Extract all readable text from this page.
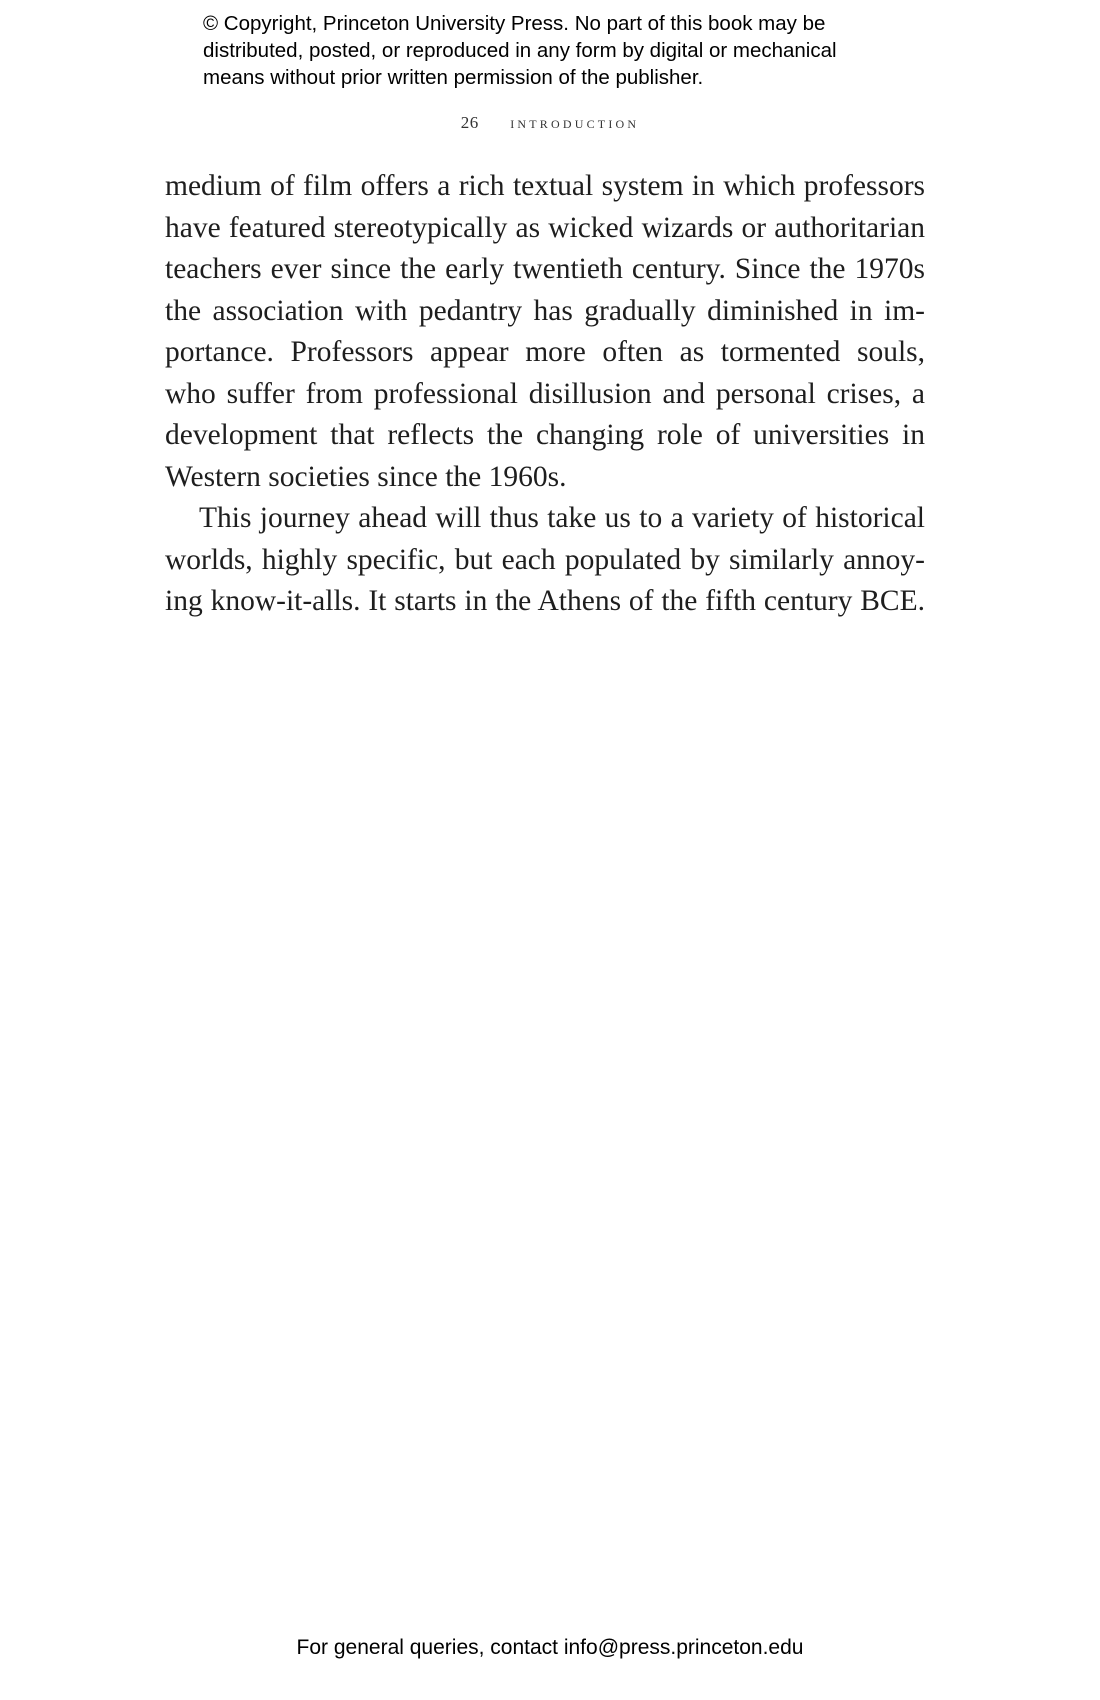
© Copyright, Princeton University Press. No part of this book may be
distributed, posted, or reproduced in any form by digital or mechanical
means without prior written permission of the publisher.
26 introduction
medium of film offers a rich textual system in which professors
have featured stereotypically as wicked wizards or authoritarian
teachers ever since the early twentieth century. Since the 1970s
the association with pedantry has gradually diminished in im-
portance. Professors appear more often as tormented souls,
who suffer from professional disillusion and personal crises, a
development that reflects the changing role of universities in
Western societies since the 1960s.
This journey ahead will thus take us to a variety of historical
worlds, highly specific, but each populated by similarly annoy-
ing know-it-alls. It starts in the Athens of the fifth century BCE.
For general queries, contact info@press.princeton.edu
